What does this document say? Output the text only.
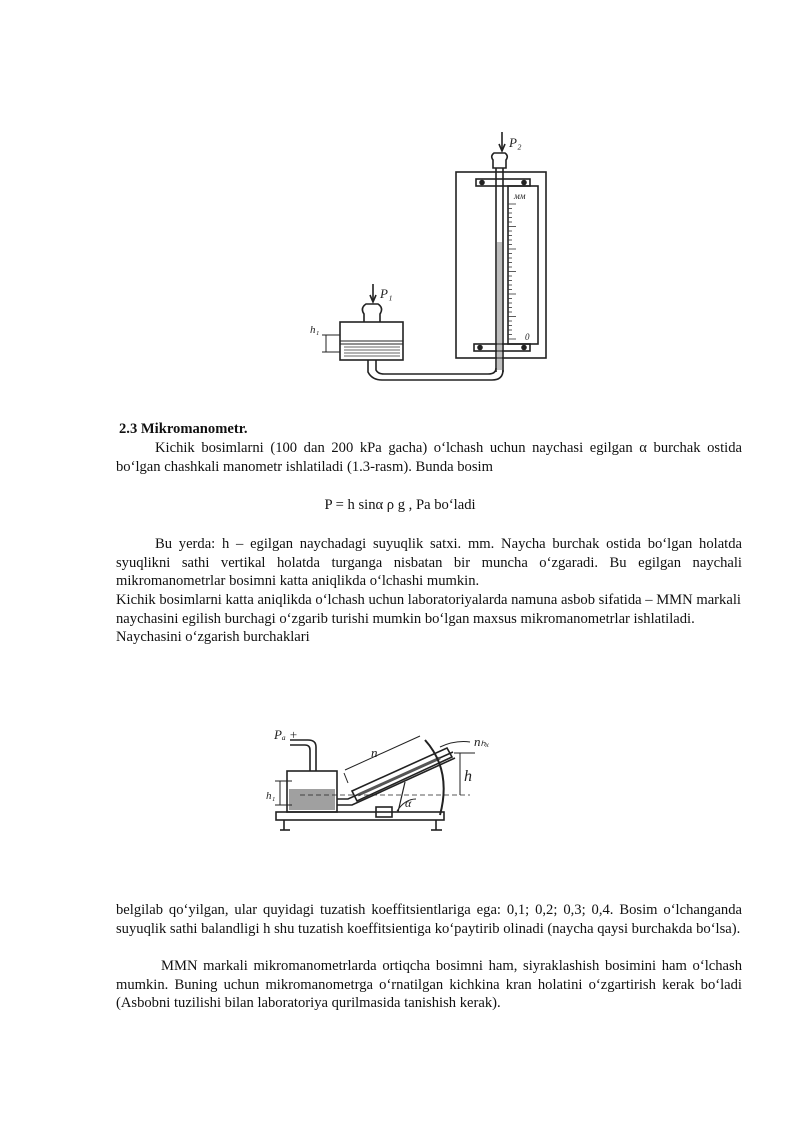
P₂
P₁
h₁
мм
0
2.3 Mikromanometr.
Kichik bosimlarni (100 dan 200 kPa gacha) o‘lchash uchun naychasi egilgan α burchak ostida bo‘lgan chashkali manometr ishlatiladi (1.3-rasm). Bunda bosim
P = h sinα ρ g , Pa bo‘ladi
Bu yerda: h – egilgan naychadagi suyuqlik satxi. mm. Naycha burchak ostida bo‘lgan holatda syuqlikni sathi vertikal holatda turganga nisbatan bir muncha o‘zgaradi. Bu egilgan naychali mikromanometrlar bosimni katta aniqlikda o‘lchashi mumkin.
Kichik bosimlarni katta aniqlikda o‘lchash uchun laboratoriyalarda namuna asbob sifatida – MMN markali naychasini egilish burchagi o‘zgarib turishi mumkin bo‘lgan maxsus mikromanometrlar ishlatiladi. Naychasini o‘zgarish burchaklari
Pₐ +
n
h
h₁	α
nₕₓ
belgilab qo‘yilgan, ular quyidagi tuzatish koeffitsientlariga ega: 0,1; 0,2; 0,3; 0,4. Bosim o‘lchanganda suyuqlik sathi balandligi h shu tuzatish koeffitsientiga ko‘paytirib olinadi (naycha qaysi burchakda bo‘lsa).
MMN markali mikromanometrlarda ortiqcha bosimni ham, siyraklashish bosimini ham o‘lchash mumkin. Buning uchun mikromanometrga o‘rnatilgan kichkina kran holatini o‘zgartirish kerak bo‘ladi (Asbobni tuzilishi bilan laboratoriya qurilmasida tanishish kerak).
